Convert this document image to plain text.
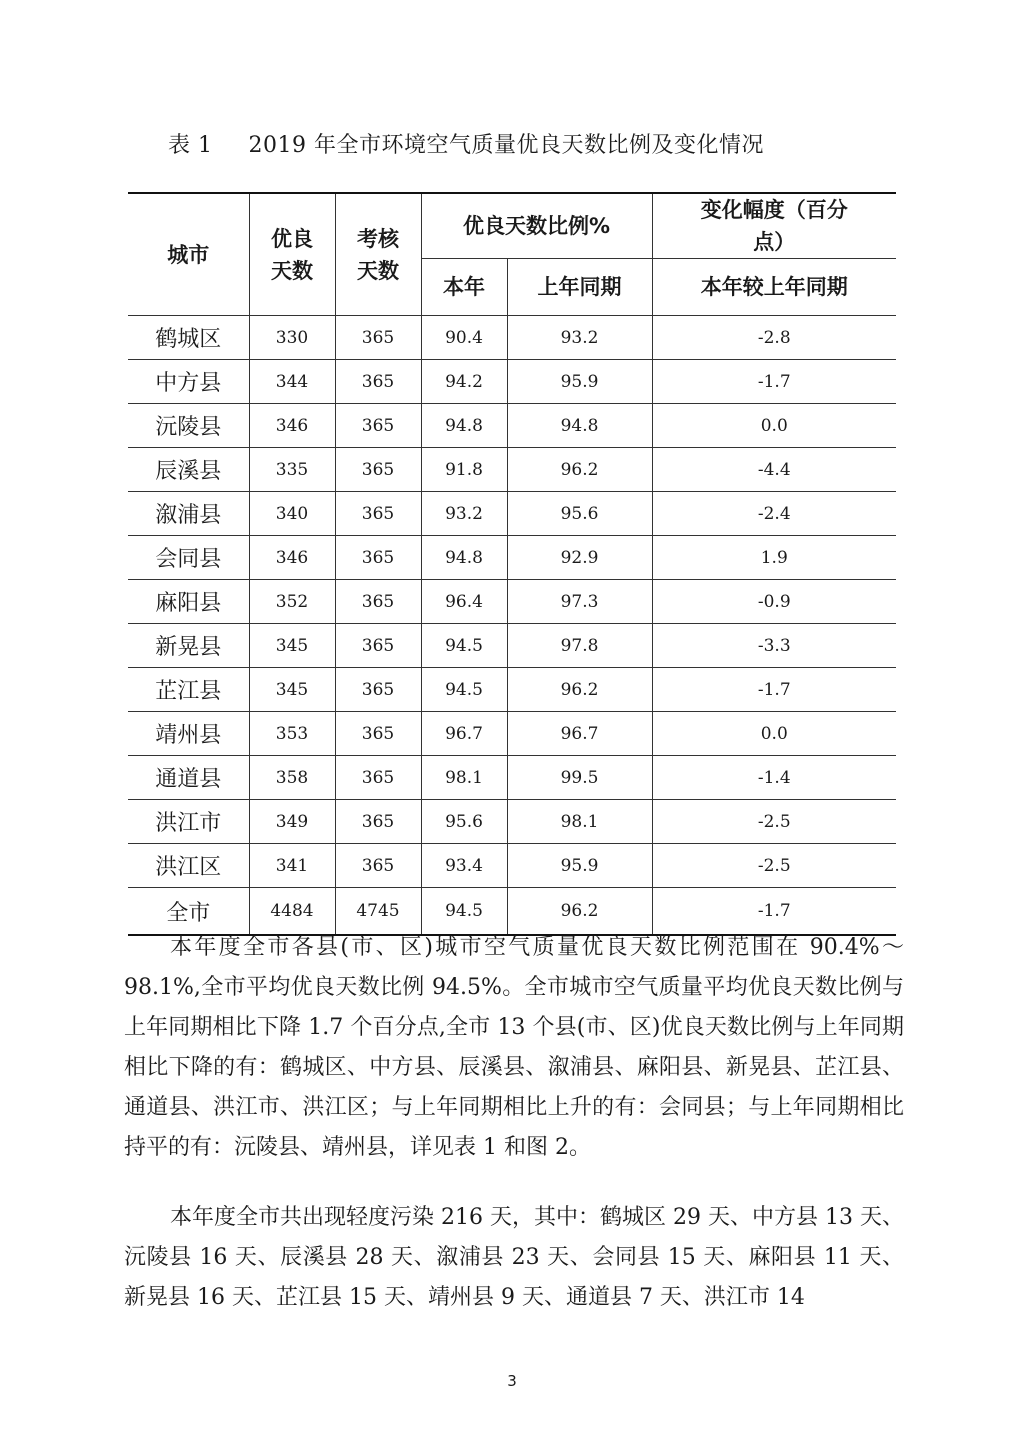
表 1 2019 年全市环境空气质量优良天数比例及变化情况
城市	优良天数	考核天数	优良天数比例%		变化幅度（百分点）

			本年	上年同期	本年较上年同期
鹤城区	330	365	90.4	93.2	-2.8
中方县	344	365	94.2	95.9	-1.7
沅陵县	346	365	94.8	94.8	0.0
辰溪县	335	365	91.8	96.2	-4.4
溆浦县	340	365	93.2	95.6	-2.4
会同县	346	365	94.8	92.9	1.9
麻阳县	352	365	96.4	97.3	-0.9
新晃县	345	365	94.5	97.8	-3.3
芷江县	345	365	94.5	96.2	-1.7
靖州县	353	365	96.7	96.7	0.0
通道县	358	365	98.1	99.5	-1.4
洪江市	349	365	95.6	98.1	-2.5
洪江区	341	365	93.4	95.9	-2.5
全市	4484	4745	94.5	96.2	-1.7

本年度全市各县(市、区)城市空气质量优良天数比例范围在 90.4%～98.1%,全市平均优良天数比例 94.5%。全市城市空气质量平均优良天数比例与上年同期相比下降 1.7 个百分点,全市 13 个县(市、区)优良天数比例与上年同期相比下降的有：鹤城区、中方县、辰溪县、溆浦县、麻阳县、新晃县、芷江县、通道县、洪江市、洪江区；与上年同期相比上升的有：会同县；与上年同期相比持平的有：沅陵县、靖州县，详见表 1 和图 2。

本年度全市共出现轻度污染 216 天，其中：鹤城区 29 天、中方县 13 天、沅陵县 16 天、辰溪县 28 天、溆浦县 23 天、会同县 15 天、麻阳县 11 天、新晃县 16 天、芷江县 15 天、靖州县 9 天、通道县 7 天、洪江市 14

3
